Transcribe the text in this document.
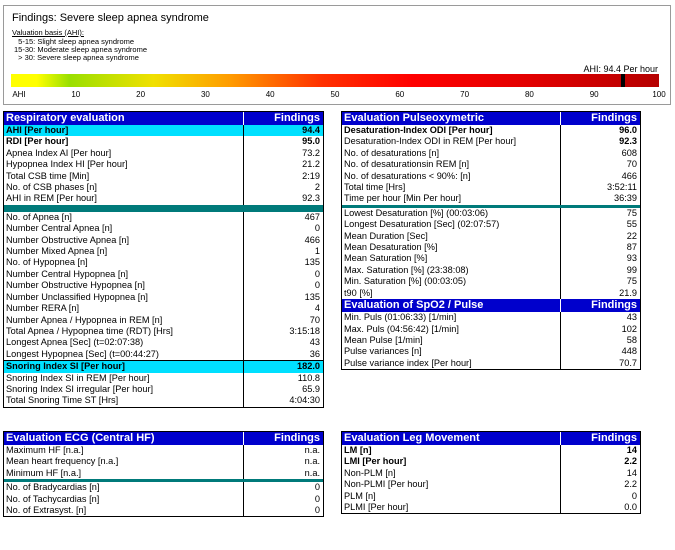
Findings: Severe sleep apnea syndrome
Valuation basis (AHI):
5-15: Slight sleep apnea syndrome
15-30: Moderate sleep apnea syndrome
> 30: Severe sleep apnea syndrome
AHI: 94.4 Per hour
AHI	10	20	30	40	50	60	70	80	90	100
Respiratory evaluation	Findings
AHI [Per hour]	94.4
RDI [Per hour]	95.0
Apnea Index AI [Per hour]	73.2
Hypopnea Index HI [Per hour]	21.2
Total CSB time [Min]	2:19
No. of CSB phases [n]	2
AHI in REM [Per hour]	92.3

No. of Apnea [n]	467
Number Central Apnea [n]	0
Number Obstructive Apnea [n]	466
Number Mixed Apnea [n]	1
No. of Hypopnea [n]	135
Number Central Hypopnea [n]	0
Number Obstructive Hypopnea [n]	0
Number Unclassified Hypopnea [n]	135
Number RERA [n]	4
Number Apnea / Hypopnea in REM [n]	70
Total Apnea / Hypopnea time (RDT) [Hrs]	3:15:18
Longest Apnea [Sec] (t=02:07:38)	43
Longest Hypopnea [Sec] (t=00:44:27)	36
Snoring Index SI [Per hour]	182.0
Snoring Index SI in REM [Per hour]	110.8
Snoring Index SI irregular [Per hour]	65.9
Total Snoring Time ST [Hrs]	4:04:30
Evaluation Pulseoxymetric	Findings
Desaturation-Index ODI [Per hour]	96.0
Desaturation-Index ODI in REM [Per hour]	92.3
No. of desaturations [n]	608
No. of desaturationsin REM [n]	70
No. of desaturations < 90%: [n]	466
Total time [Hrs]	3:52:11
Time per hour [Min Per hour]	36:39

Lowest Desaturation [%] (00:03:06)	75
Longest Desaturation [Sec] (02:07:57)	55
Mean Duration [Sec]	22
Mean Desaturation [%]	87
Mean Saturation [%]	93
Max. Saturation [%] (23:38:08)	99
Min. Saturation [%] (00:03:05)	75
t90 [%]	21.9
Evaluation of SpO2 / Pulse	Findings
Min. Puls (01:06:33) [1/min]	43
Max. Puls (04:56:42) [1/min]	102
Mean Pulse [1/min]	58
Pulse variances [n]	448
Pulse variance index [Per hour]	70.7
Evaluation ECG (Central HF)	Findings
Maximum HF [n.a.]	n.a.
Mean heart frequency [n.a.]	n.a.
Minimum HF [n.a.]	n.a.

No. of Bradycardias [n]	0
No. of Tachycardias [n]	0
No. of Extrasyst. [n]	0
Evaluation Leg Movement	Findings
LM [n]	14
LMI [Per hour]	2.2
Non-PLM [n]	14
Non-PLMI [Per hour]	2.2
PLM [n]	0
PLMI [Per hour]	0.0
